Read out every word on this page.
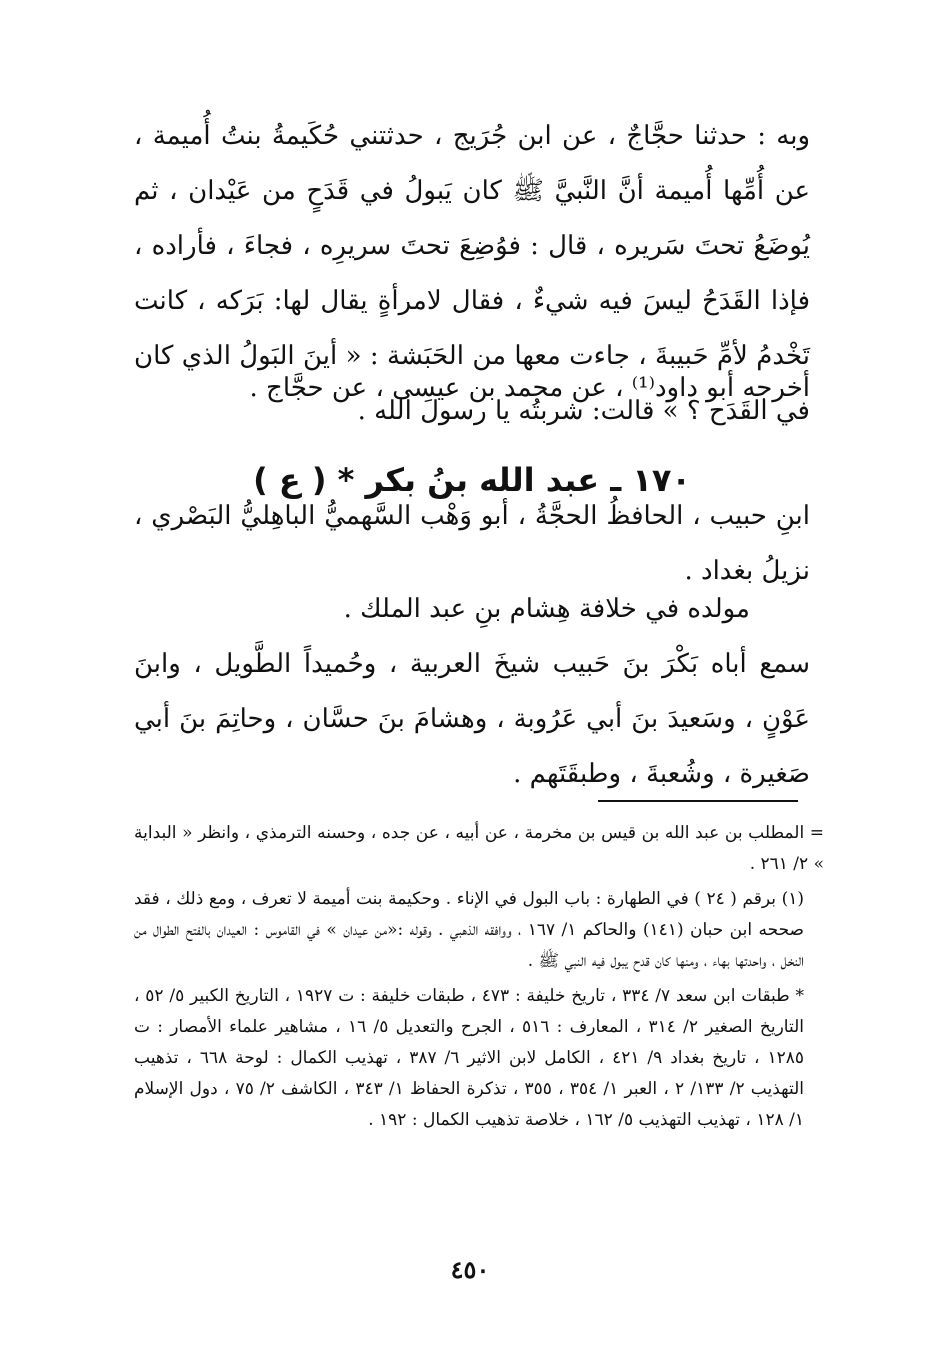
وبه : حدثنا حجَّاجٌ ، عن ابن جُرَيج ، حدثتني حُكَيمةُ بنتُ أُميمة ، عن أُمِّها أُميمة أنَّ النَّبيَّ ﷺ كان يَبولُ في قَدَحٍ من عَيْدان ، ثم يُوضَعُ تحتَ سَريره ، قال : فوُضِعَ تحتَ سريرِه ، فجاءَ ، فأراده ، فإذا القَدَحُ ليسَ فيه شيءٌ ، فقال لامرأةٍ يقال لها: بَرَكه ، كانت تَخْدمُ لأمِّ حَبيبةَ ، جاءت معها من الحَبَشة : « أينَ البَولُ الذي كان في القَدَح ؟ » قالت: شربتُه يا رسولَ الله .

أخرجه أبو داود⁽¹⁾ ، عن محمد بن عيسى ، عن حجَّاج .

١٧٠ ـ عبد الله بنُ بكر * ( ع )

ابنِ حبيب ، الحافظُ الحجَّةُ ، أبو وَهْب السَّهميُّ الباهِليُّ البَصْري ، نزيلُ بغداد .

مولده في خلافة هِشام بنِ عبد الملك .

سمع أباه بَكْرَ بنَ حَبيب شيخَ العربية ، وحُميداً الطَّويل ، وابنَ عَوْنٍ ، وسَعيدَ بنَ أبي عَرُوبة ، وهشامَ بنَ حسَّان ، وحاتِمَ بنَ أبي صَغيرة ، وشُعبةَ ، وطبقَتَهم .

= المطلب بن عبد الله بن قيس بن مخرمة ، عن أبيه ، عن جده ، وحسنه الترمذي ، وانظر « البداية » ٢/ ٢٦١ .

(١) برقم ( ٢٤ ) في الطهارة : باب البول في الإناء . وحكيمة بنت أميمة لا تعرف ، ومع ذلك ، فقد صححه ابن حبان (١٤١) والحاكم ١/ ١٦٧ ، ووافقه الذهبي . وقوله :«من عيدان » في القاموس : العيدان بالفتح الطوال من النخل ، واحدتها بهاء ، ومنها كان قدح يبول فيه النبي ﷺ .

* طبقات ابن سعد ٧/ ٣٣٤ ، تاريخ خليفة : ٤٧٣ ، طبقات خليفة : ت ١٩٢٧ ، التاريخ الكبير ٥/ ٥٢ ، التاريخ الصغير ٢/ ٣١٤ ، المعارف : ٥١٦ ، الجرح والتعديل ٥/ ١٦ ، مشاهير علماء الأمصار : ت ١٢٨٥ ، تاريخ بغداد ٩/ ٤٢١ ، الكامل لابن الاثير ٦/ ٣٨٧ ، تهذيب الكمال : لوحة ٦٦٨ ، تذهيب التهذيب ٢/ ١٣٣/ ٢ ، العبر ١/ ٣٥٤ ، ٣٥٥ ، تذكرة الحفاظ ١/ ٣٤٣ ، الكاشف ٢/ ٧٥ ، دول الإسلام ١/ ١٢٨ ، تهذيب التهذيب ٥/ ١٦٢ ، خلاصة تذهيب الكمال : ١٩٢ .

٤٥٠
